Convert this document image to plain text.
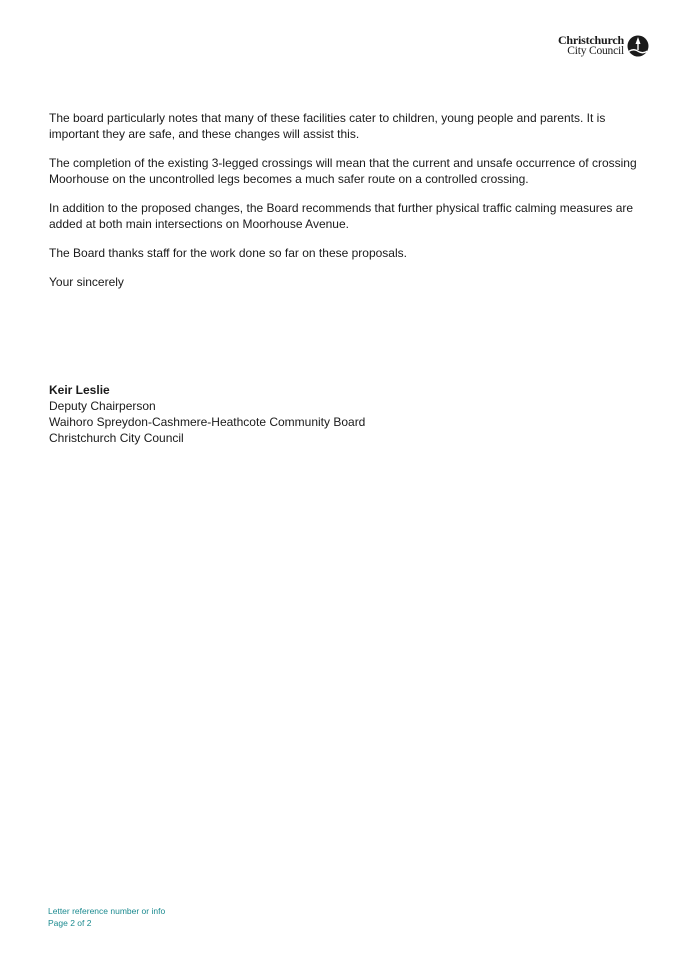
Christchurch
City Council

The board particularly notes that many of these facilities cater to children, young people and parents. It is important they are safe, and these changes will assist this.

The completion of the existing 3-legged crossings will mean that the current and unsafe occurrence of crossing Moorhouse on the uncontrolled legs becomes a much safer route on a controlled crossing.

In addition to the proposed changes, the Board recommends that further physical traffic calming measures are added at both main intersections on Moorhouse Avenue.

The Board thanks staff for the work done so far on these proposals.

Your sincerely

Keir Leslie
Deputy Chairperson
Waihoro Spreydon-Cashmere-Heathcote Community Board
Christchurch City Council
Letter reference number or info
Page 2 of 2
